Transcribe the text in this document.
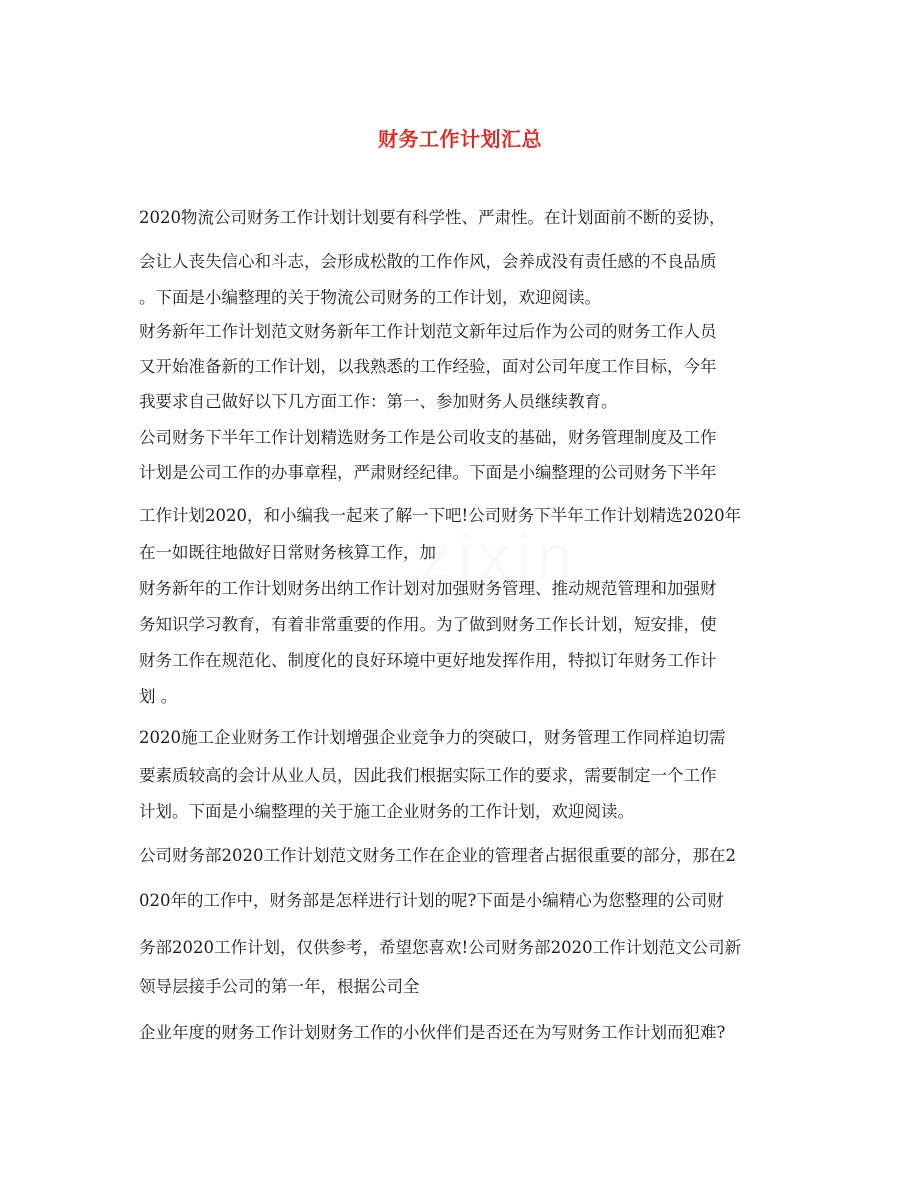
zixin
财务工作计划汇总
2020物流公司财务工作计划计划要有科学性、严肃性。在计划面前不断的妥协，
会让人丧失信心和斗志，会形成松散的工作作风，会养成没有责任感的不良品质
。下面是小编整理的关于物流公司财务的工作计划，欢迎阅读。
财务新年工作计划范文财务新年工作计划范文新年过后作为公司的财务工作人员
又开始准备新的工作计划，以我熟悉的工作经验，面对公司年度工作目标，今年
我要求自己做好以下几方面工作：第一、参加财务人员继续教育。
公司财务下半年工作计划精选财务工作是公司收支的基础，财务管理制度及工作
计划是公司工作的办事章程，严肃财经纪律。下面是小编整理的公司财务下半年
工作计划2020，和小编我一起来了解一下吧!公司财务下半年工作计划精选2020年
在一如既往地做好日常财务核算工作，加
财务新年的工作计划财务出纳工作计划对加强财务管理、推动规范管理和加强财
务知识学习教育，有着非常重要的作用。为了做到财务工作长计划，短安排，使
财务工作在规范化、制度化的良好环境中更好地发挥作用，特拟订年财务工作计
划 。
2020施工企业财务工作计划增强企业竞争力的突破口，财务管理工作同样迫切需
要素质较高的会计从业人员，因此我们根据实际工作的要求，需要制定一个工作
计划。下面是小编整理的关于施工企业财务的工作计划，欢迎阅读。
公司财务部2020工作计划范文财务工作在企业的管理者占据很重要的部分，那在2
020年的工作中，财务部是怎样进行计划的呢?下面是小编精心为您整理的公司财
务部2020工作计划，仅供参考，希望您喜欢!公司财务部2020工作计划范文公司新
领导层接手公司的第一年，根据公司全
企业年度的财务工作计划财务工作的小伙伴们是否还在为写财务工作计划而犯难?
